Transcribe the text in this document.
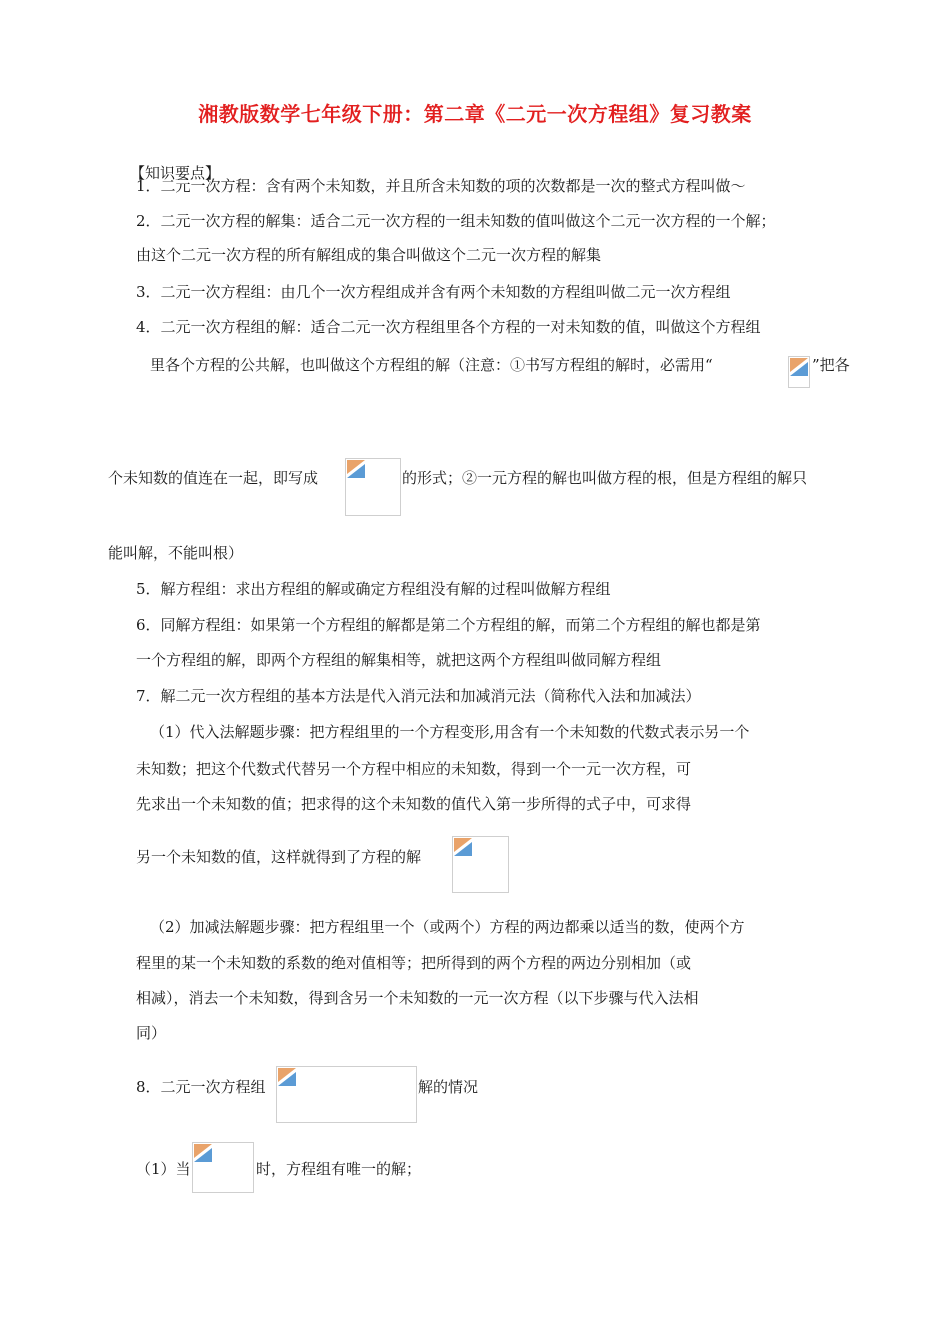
湘教版数学七年级下册：第二章《二元一次方程组》复习教案
【知识要点】
1．二元一次方程：含有两个未知数，并且所含未知数的项的次数都是一次的整式方程叫做～
2．二元一次方程的解集：适合二元一次方程的一组未知数的值叫做这个二元一次方程的一个解；
由这个二元一次方程的所有解组成的集合叫做这个二元一次方程的解集
3．二元一次方程组：由几个一次方程组成并含有两个未知数的方程组叫做二元一次方程组
4．二元一次方程组的解：适合二元一次方程组里各个方程的一对未知数的值，叫做这个方程组
里各个方程的公共解，也叫做这个方程组的解（注意：①书写方程组的解时，必需用“	”把各
个未知数的值连在一起，即写成	的形式；②一元方程的解也叫做方程的根，但是方程组的解只
能叫解，不能叫根）
5．解方程组：求出方程组的解或确定方程组没有解的过程叫做解方程组
6．同解方程组：如果第一个方程组的解都是第二个方程组的解，而第二个方程组的解也都是第
一个方程组的解，即两个方程组的解集相等，就把这两个方程组叫做同解方程组
7．解二元一次方程组的基本方法是代入消元法和加减消元法（简称代入法和加减法）
（1）代入法解题步骤：把方程组里的一个方程变形,用含有一个未知数的代数式表示另一个
未知数；把这个代数式代替另一个方程中相应的未知数，得到一个一元一次方程，可
先求出一个未知数的值；把求得的这个未知数的值代入第一步所得的式子中，可求得
另一个未知数的值，这样就得到了方程的解
（2）加减法解题步骤：把方程组里一个（或两个）方程的两边都乘以适当的数，使两个方
程里的某一个未知数的系数的绝对值相等；把所得到的两个方程的两边分别相加（或
相减），消去一个未知数，得到含另一个未知数的一元一次方程（以下步骤与代入法相
同）
8．二元一次方程组	解的情况
（1）当	时，方程组有唯一的解；
